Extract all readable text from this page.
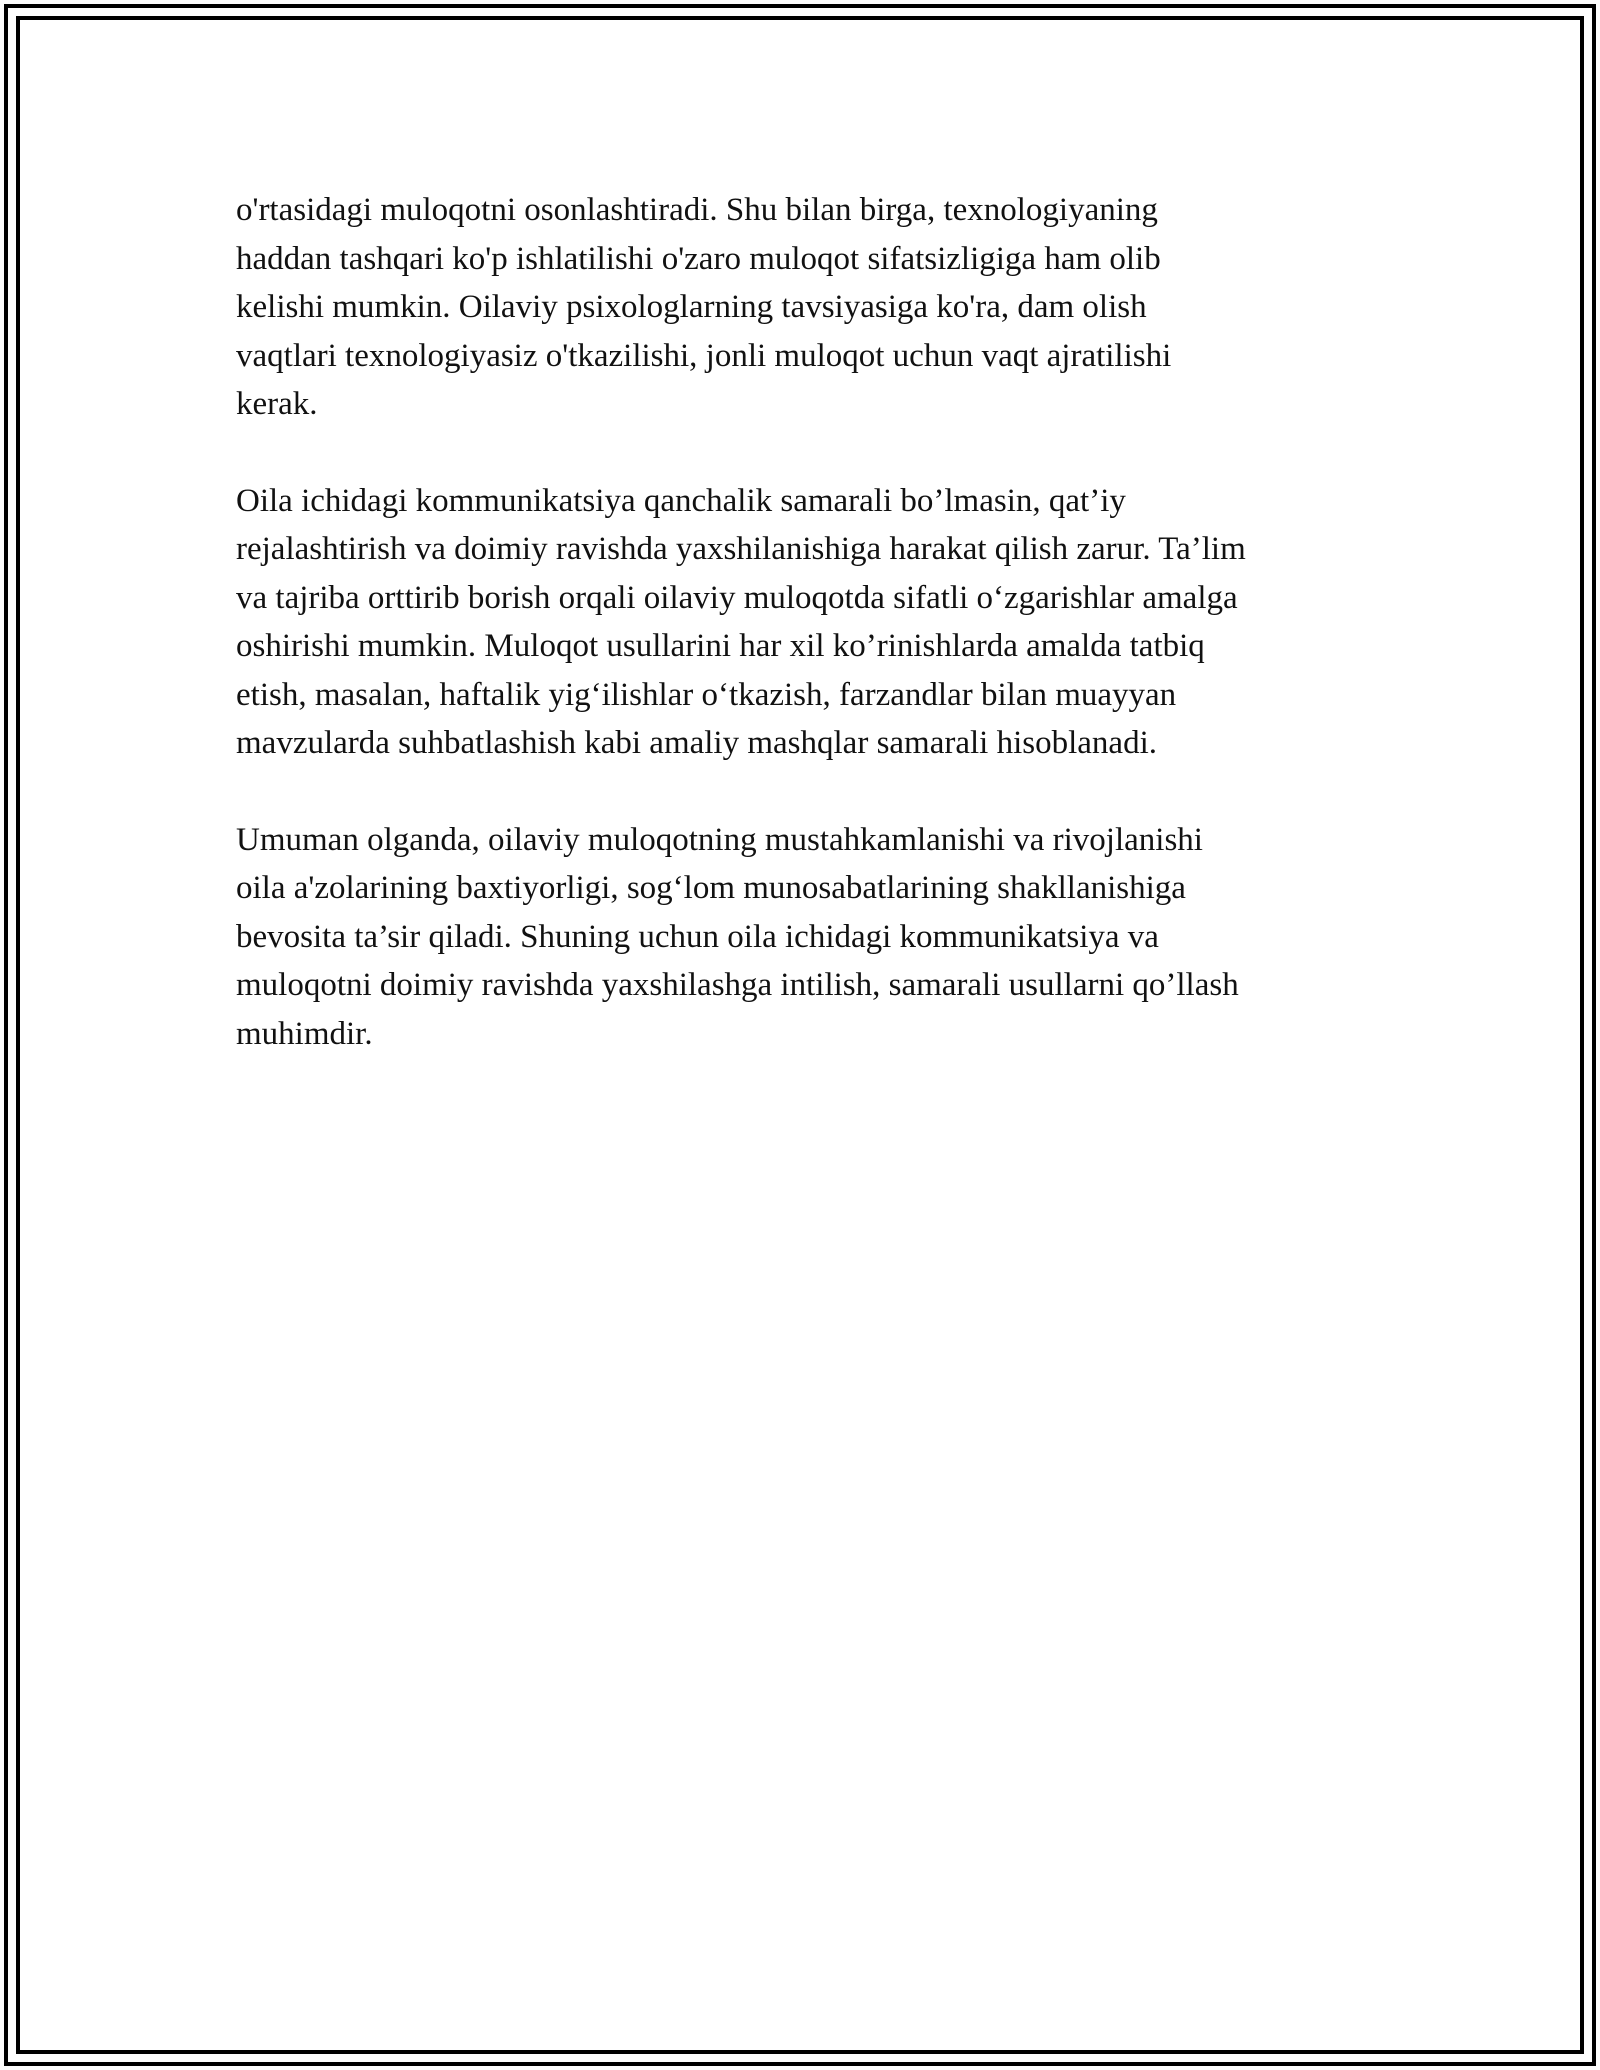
o'rtasidagi muloqotni osonlashtiradi. Shu bilan birga, texnologiyaning
haddan tashqari ko'p ishlatilishi o'zaro muloqot sifatsizligiga ham olib
kelishi mumkin. Oilaviy psixologlarning tavsiyasiga ko'ra, dam olish
vaqtlari texnologiyasiz o'tkazilishi, jonli muloqot uchun vaqt ajratilishi
kerak.

Oila ichidagi kommunikatsiya qanchalik samarali bo’lmasin, qat’iy
rejalashtirish va doimiy ravishda yaxshilanishiga harakat qilish zarur. Ta’lim
va tajriba orttirib borish orqali oilaviy muloqotda sifatli o‘zgarishlar amalga
oshirishi mumkin. Muloqot usullarini har xil ko’rinishlarda amalda tatbiq
etish, masalan, haftalik yig‘ilishlar o‘tkazish, farzandlar bilan muayyan
mavzularda suhbatlashish kabi amaliy mashqlar samarali hisoblanadi.

Umuman olganda, oilaviy muloqotning mustahkamlanishi va rivojlanishi
oila a'zolarining baxtiyorligi, sog‘lom munosabatlarining shakllanishiga
bevosita ta’sir qiladi. Shuning uchun oila ichidagi kommunikatsiya va
muloqotni doimiy ravishda yaxshilashga intilish, samarali usullarni qo’llash
muhimdir.
